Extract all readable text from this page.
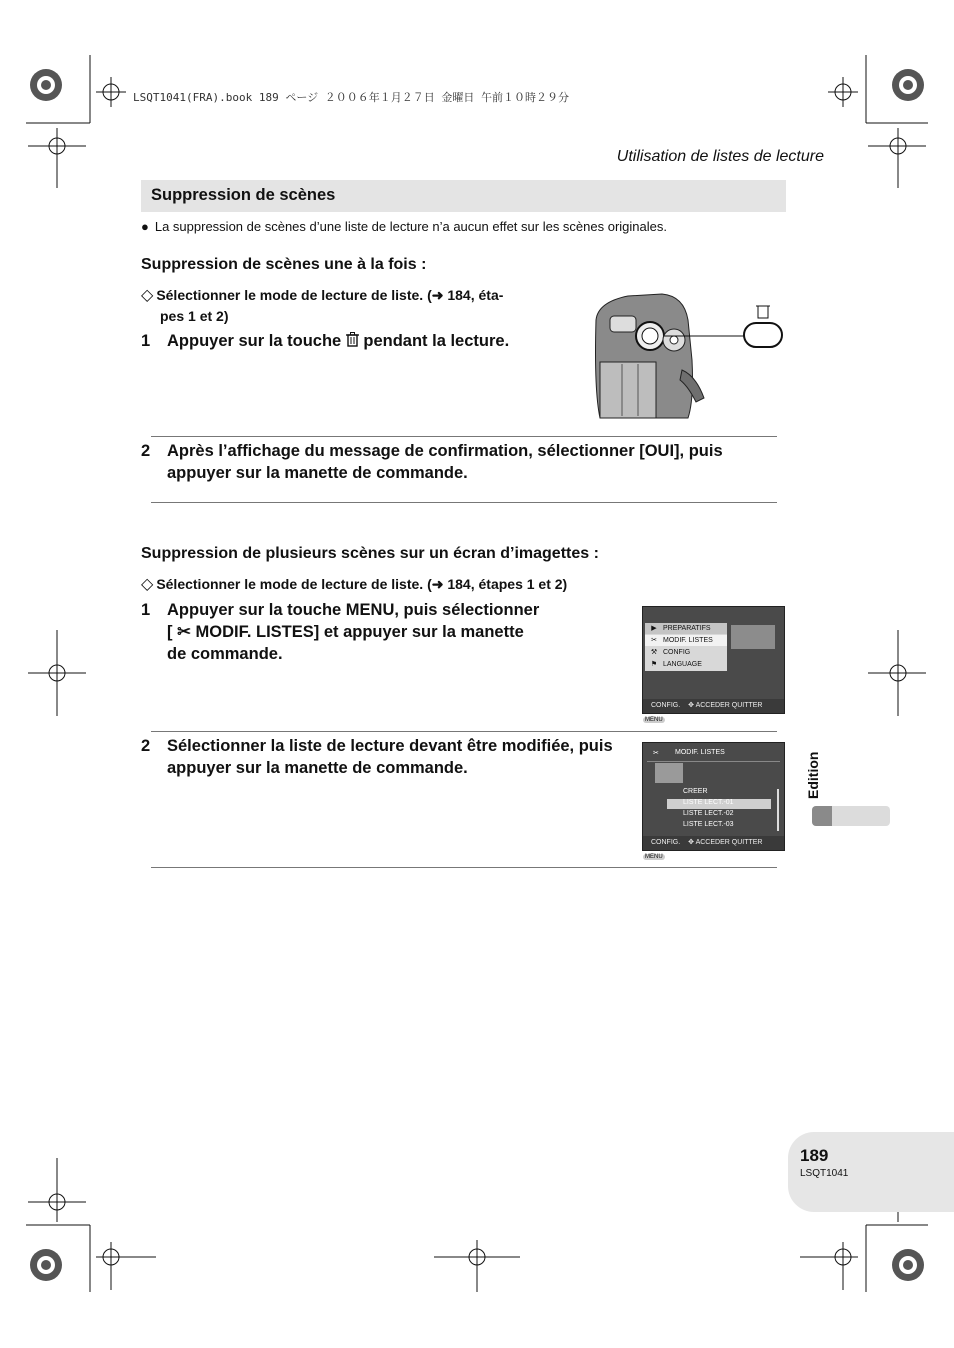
LSQT1041(FRA).book 189 ページ ２００６年１月２７日 金曜日 午前１０時２９分
Utilisation de listes de lecture
Suppression de scènes
● La suppression de scènes d’une liste de lecture n’a aucun effet sur les scènes originales.
Suppression de scènes une à la fois :
◇ Sélectionner le mode de lecture de liste. (➜ 184, éta-
pes 1 et 2)
1 Appuyer sur la touche  pendant la lecture.
2 Après l’affichage du message de confirmation, sélectionner [OUI], puis appuyer sur la manette de commande.
Suppression de plusieurs scènes sur un écran d’imagettes :
◇ Sélectionner le mode de lecture de liste. (➜ 184, étapes 1 et 2)
1 Appuyer sur la touche MENU, puis sélectionner
[ ✂ MODIF. LISTES] et appuyer sur la manette
de commande.
▶ PREPARATIFS
✂ MODIF. LISTES
⚒ CONFIG
⚑ LANGUAGE
CONFIG. ✥ ACCEDER QUITTER MENU
2 Sélectionner la liste de lecture devant être modifiée, puis appuyer sur la manette de commande.
✂ MODIF. LISTES
CREER
LISTE LECT.-01
LISTE LECT.-02
LISTE LECT.-03
CONFIG. ✥ ACCEDER QUITTER MENU
Edition
189
LSQT1041
